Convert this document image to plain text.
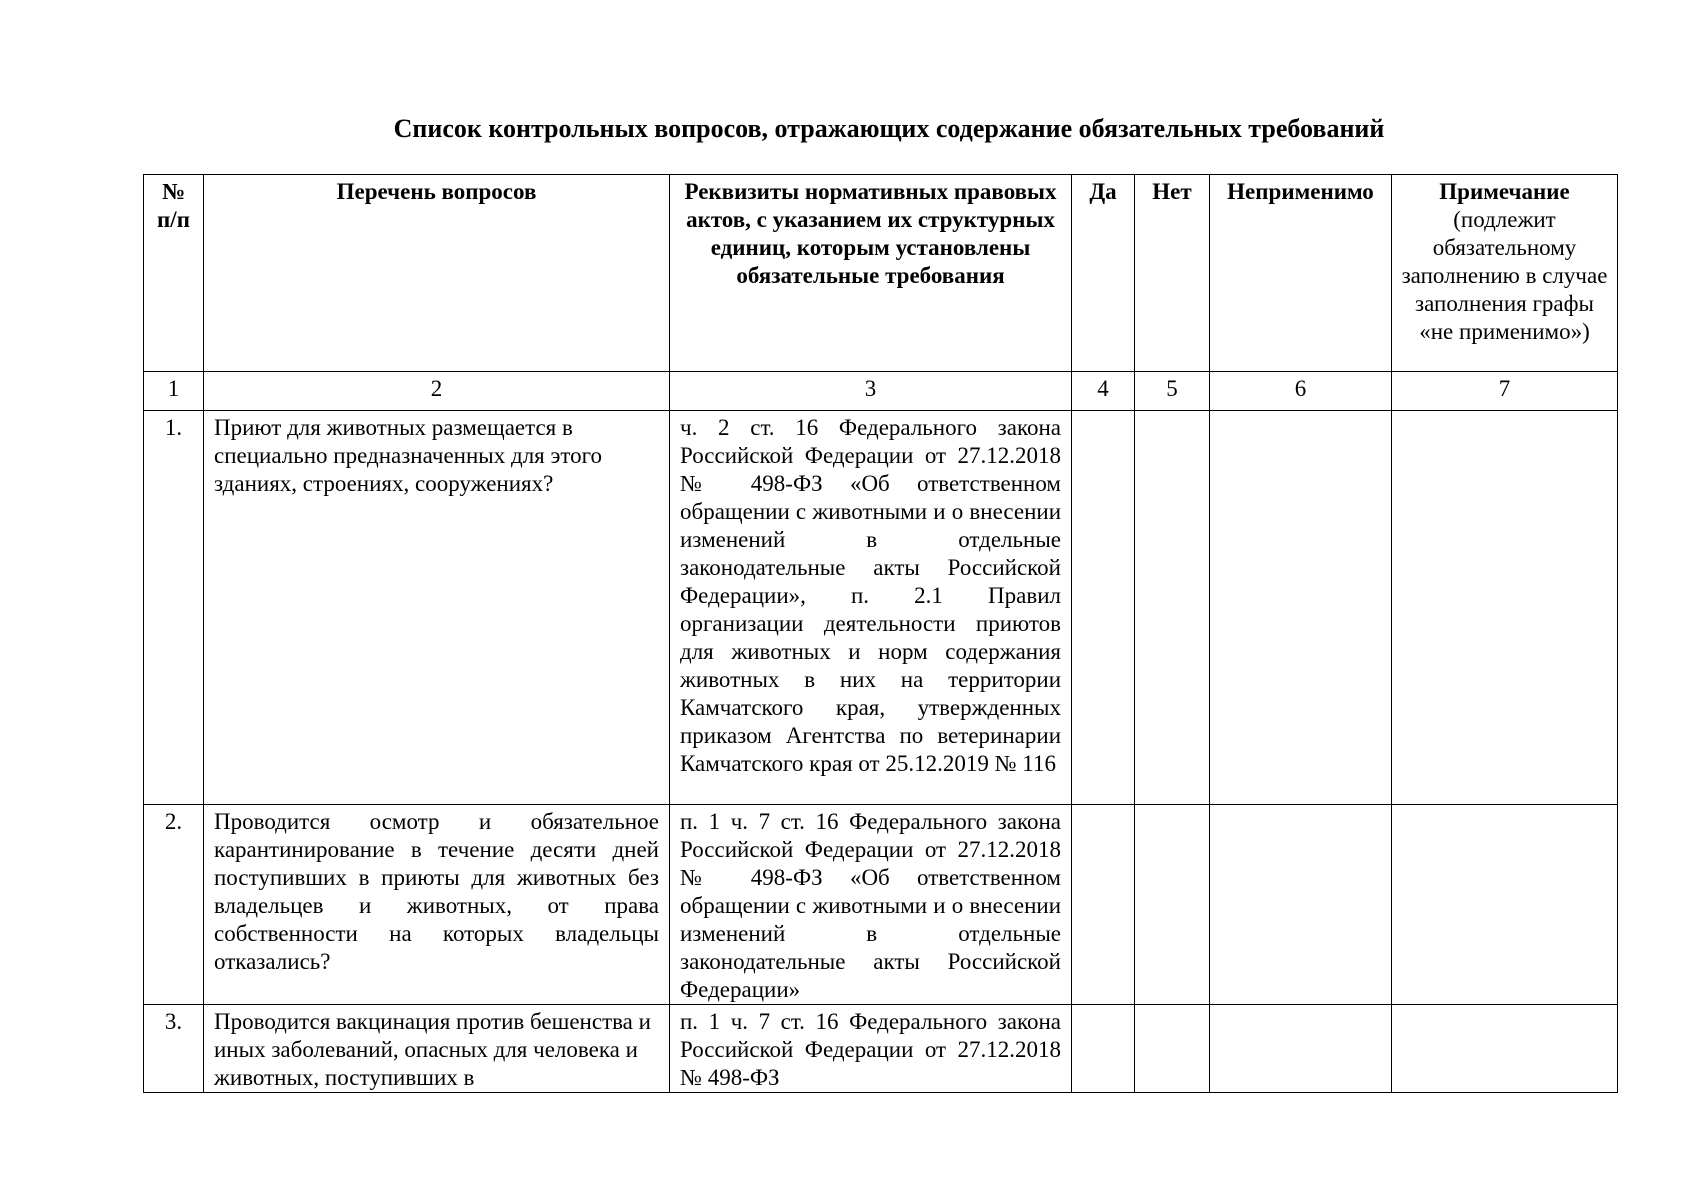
Список контрольных вопросов, отражающих содержание обязательных требований
№ п/п	Перечень вопросов	Реквизиты нормативных правовых актов, с указанием их структурных единиц, которым установлены обязательные требования	Да	Нет	Неприменимо	Примечание
(подлежит обязательному заполнению в случае заполнения графы «не применимо»)
1	2	3	4	5	6	7
1.	Приют для животных размещается в специально предназначенных для этого зданиях, строениях, сооружениях?	ч. 2 ст. 16 Федерального закона Российской Федерации от 27.12.2018 № 498-ФЗ «Об ответственном обращении с животными и о внесении изменений в отдельные законодательные акты Российской Федерации», п. 2.1 Правил организации деятельности приютов для животных и норм содержания животных в них на территории Камчатского края, утвержденных приказом Агентства по ветеринарии Камчатского края от 25.12.2019 № 116				
2.	Проводится осмотр и обязательное карантинирование в течение десяти дней поступивших в приюты для животных без владельцев и животных, от права собственности на которых владельцы отказались?	п. 1 ч. 7 ст. 16 Федерального закона Российской Федерации от 27.12.2018 № 498-ФЗ «Об ответственном обращении с животными и о внесении изменений в отдельные законодательные акты Российской Федерации»				
3.	Проводится вакцинация против бешенства и иных заболеваний, опасных для человека и животных, поступивших в	п. 1 ч. 7 ст. 16 Федерального закона Российской Федерации от 27.12.2018 № 498-ФЗ				
